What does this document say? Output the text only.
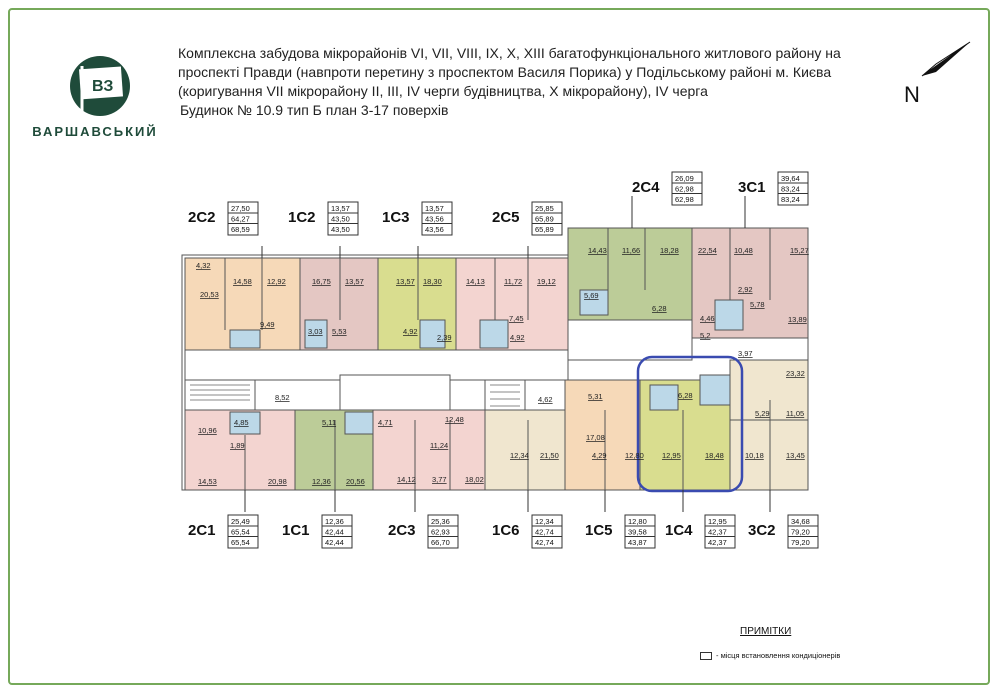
ВЗ
ВАРШАВСЬКИЙ
Комплексна забудова мікрорайонів VI, VII, VIII, IX, X, XIII багатофункціонального житлового району на
проспекті Правди (навпроти перетину з проспектом Василя Порика) у Подільському районі м. Києва
(коригування VII мікрорайону II, III, IV черги будівництва, X мікрорайону), IV черга
Будинок № 10.9 тип Б план 3-17 поверхів
N
2С2
27,50
64,27
68,59
1С2
13,57
43,50
43,50
1С3
13,57
43,56
43,56
2С5
25,85
65,89
65,89
2С4
26,09
62,98
62,98
3С1
39,64
83,24
83,24
2С1
25,49
65,54
65,54
1С1
12,36
42,44
42,44
2С3
25,36
62,93
66,70
1С6
12,34
42,74
42,74
1С5
12,80
39,58
43,87
1С4
12,95
42,37
42,37
3С2
34,68
79,20
79,20
4,32
20,53
14,58 12,92
9,49
16,75 13,57
3,03 5,53
13,57 18,30
4,92
2,39
14,13	11,72 19,12
7,45
4,92
14,43 11,66	18,28
5,69
6,28
22,54 10,48	15,27
2,92
5,78
13,89
4,46
5,2
23,32
3,97
6,28
11,05
5,29
10,18	13,45
12,95	18,48
12,80
17,08
4,29
5,31
4,62
12,34 21,50
12,48
11,24
3,77 18,02
14,12
5,11	4,71
12,36 20,56
8,52
10,96
1,89
4,85
14,53	20,98
ПРИМІТКИ
- місця встановлення кондиціонерів
